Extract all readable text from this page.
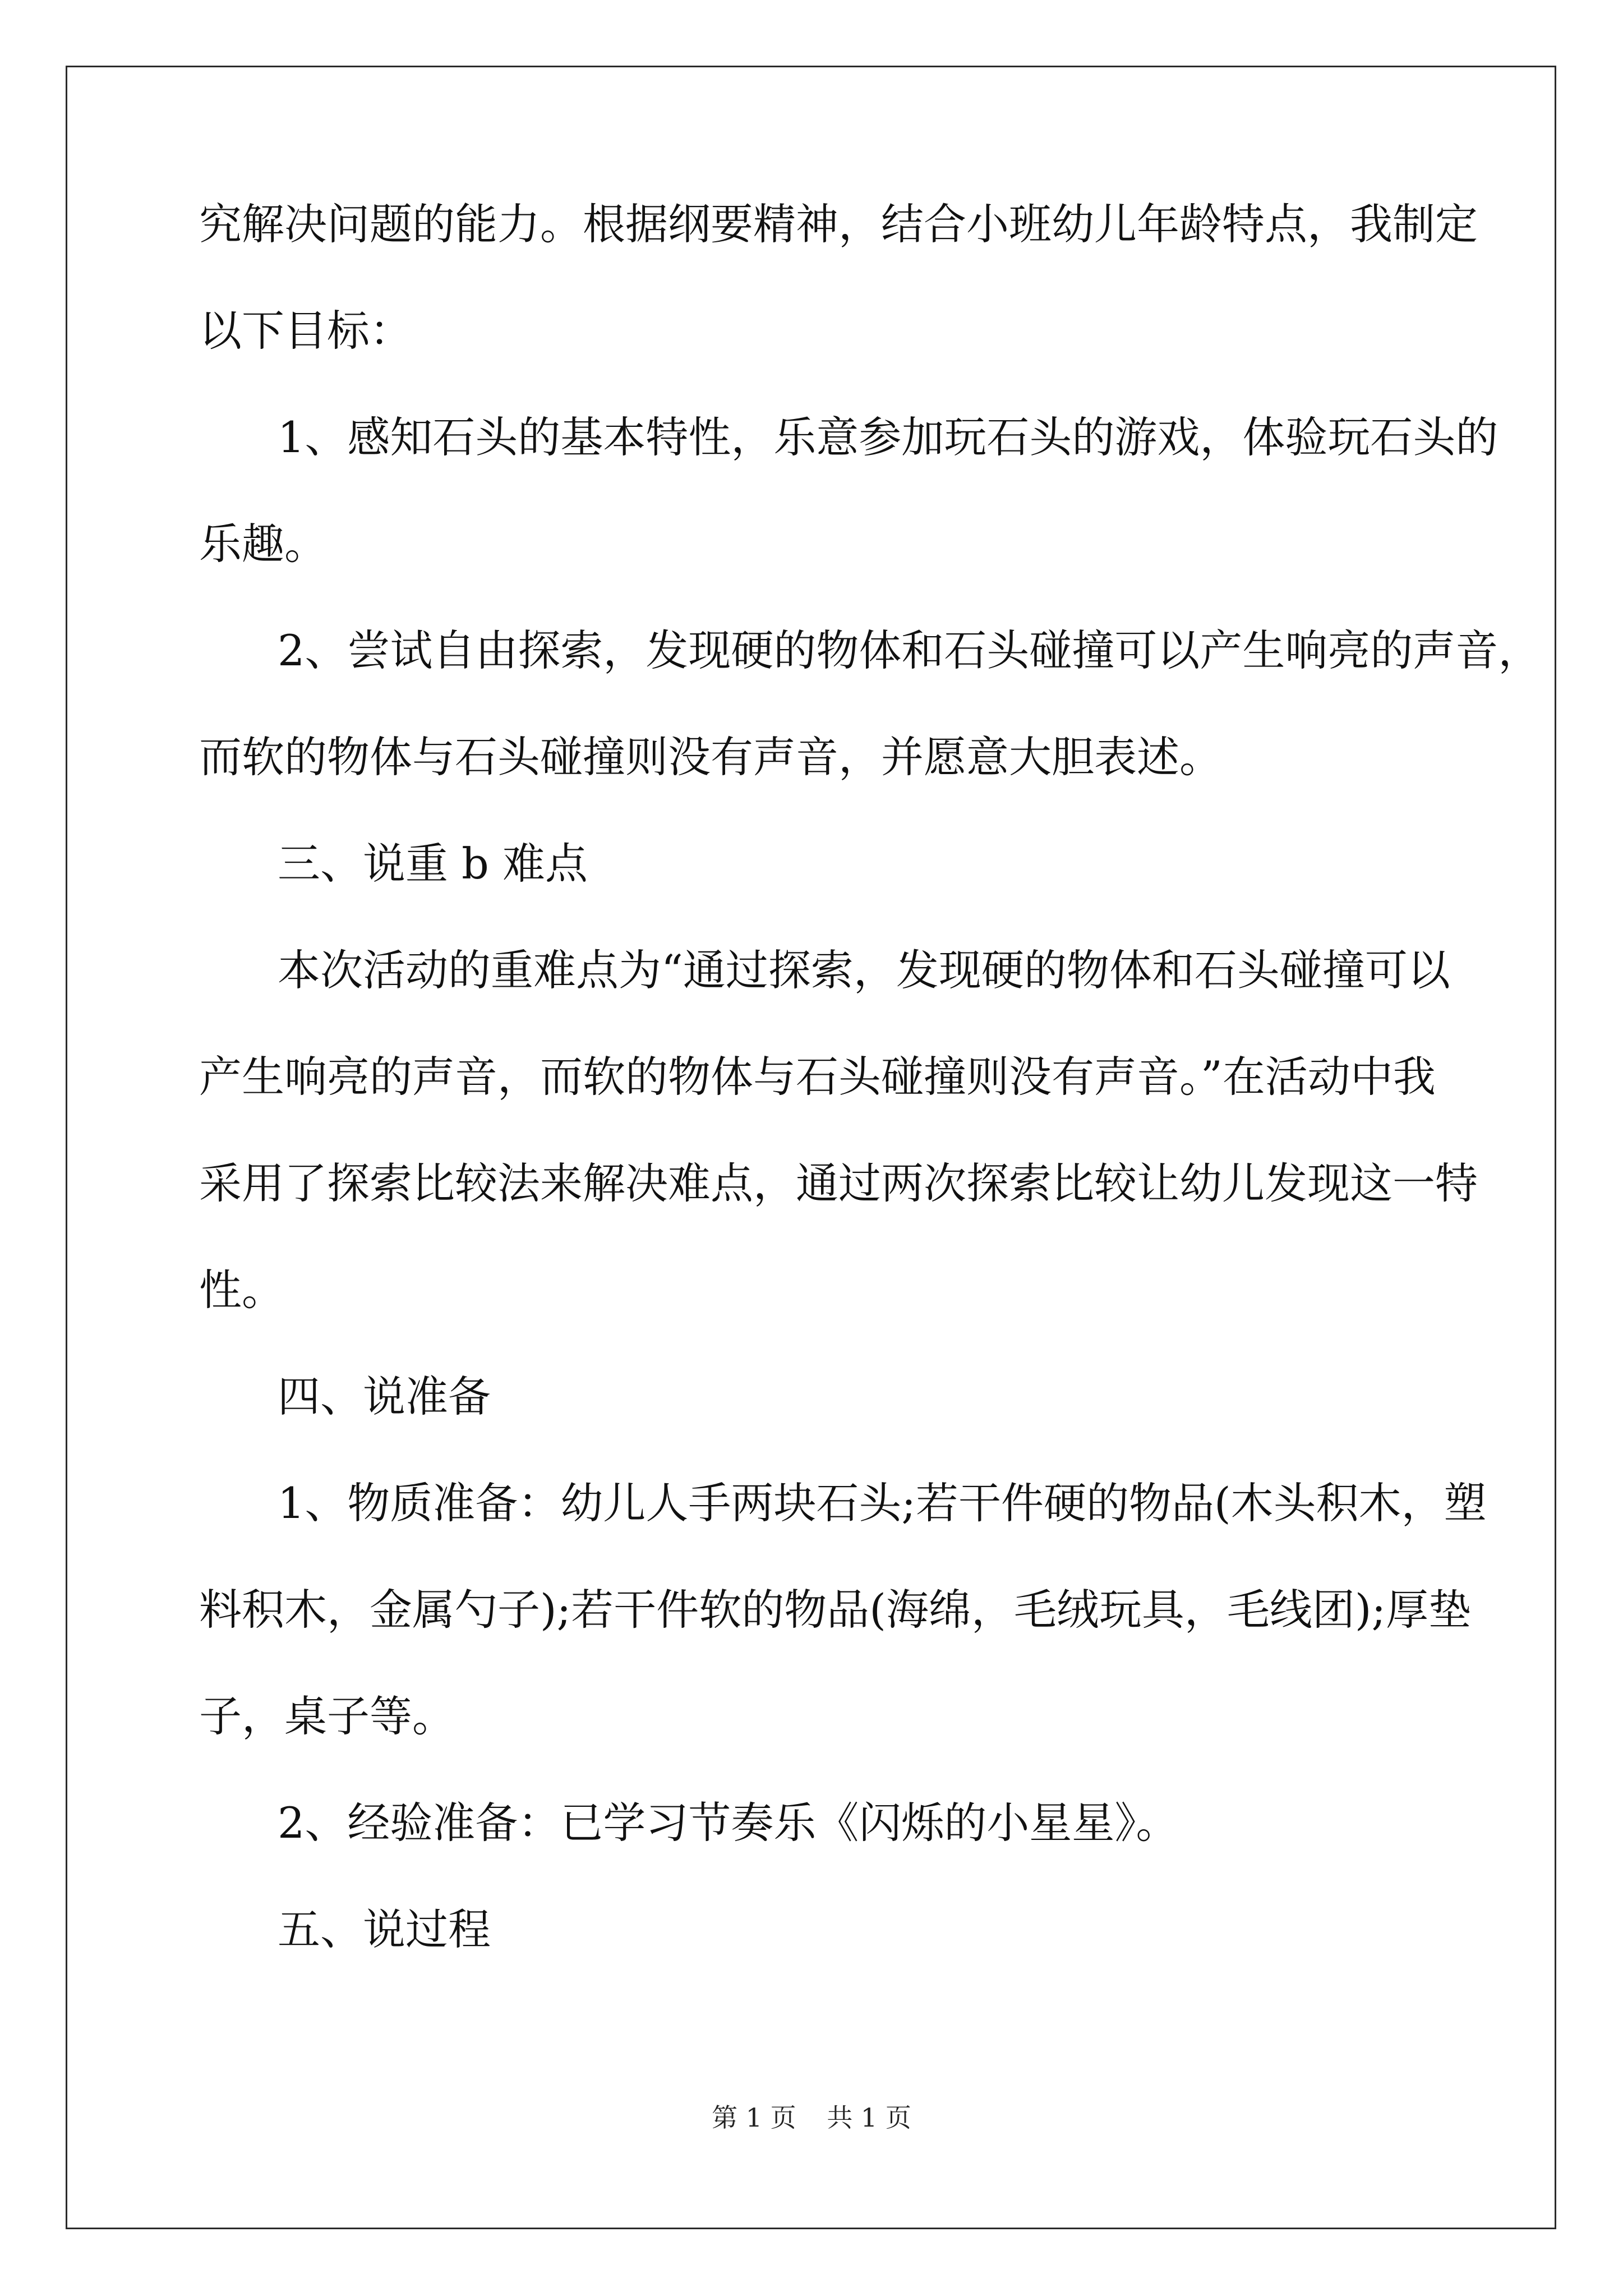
究解决问题的能力。根据纲要精神，结合小班幼儿年龄特点，我制定
以下目标：
1、感知石头的基本特性，乐意参加玩石头的游戏，体验玩石头的
乐趣。
2、尝试自由探索，发现硬的物体和石头碰撞可以产生响亮的声音，
而软的物体与石头碰撞则没有声音，并愿意大胆表述。
三、说重 b 难点
本次活动的重难点为“通过探索，发现硬的物体和石头碰撞可以
产生响亮的声音，而软的物体与石头碰撞则没有声音。”在活动中我
采用了探索比较法来解决难点，通过两次探索比较让幼儿发现这一特
性。
四、说准备
1、物质准备：幼儿人手两块石头;若干件硬的物品(木头积木，塑
料积木，金属勺子);若干件软的物品(海绵，毛绒玩具，毛线团);厚垫
子，桌子等。
2、经验准备：已学习节奏乐《闪烁的小星星》。
五、说过程
第 1 页 共 1 页
